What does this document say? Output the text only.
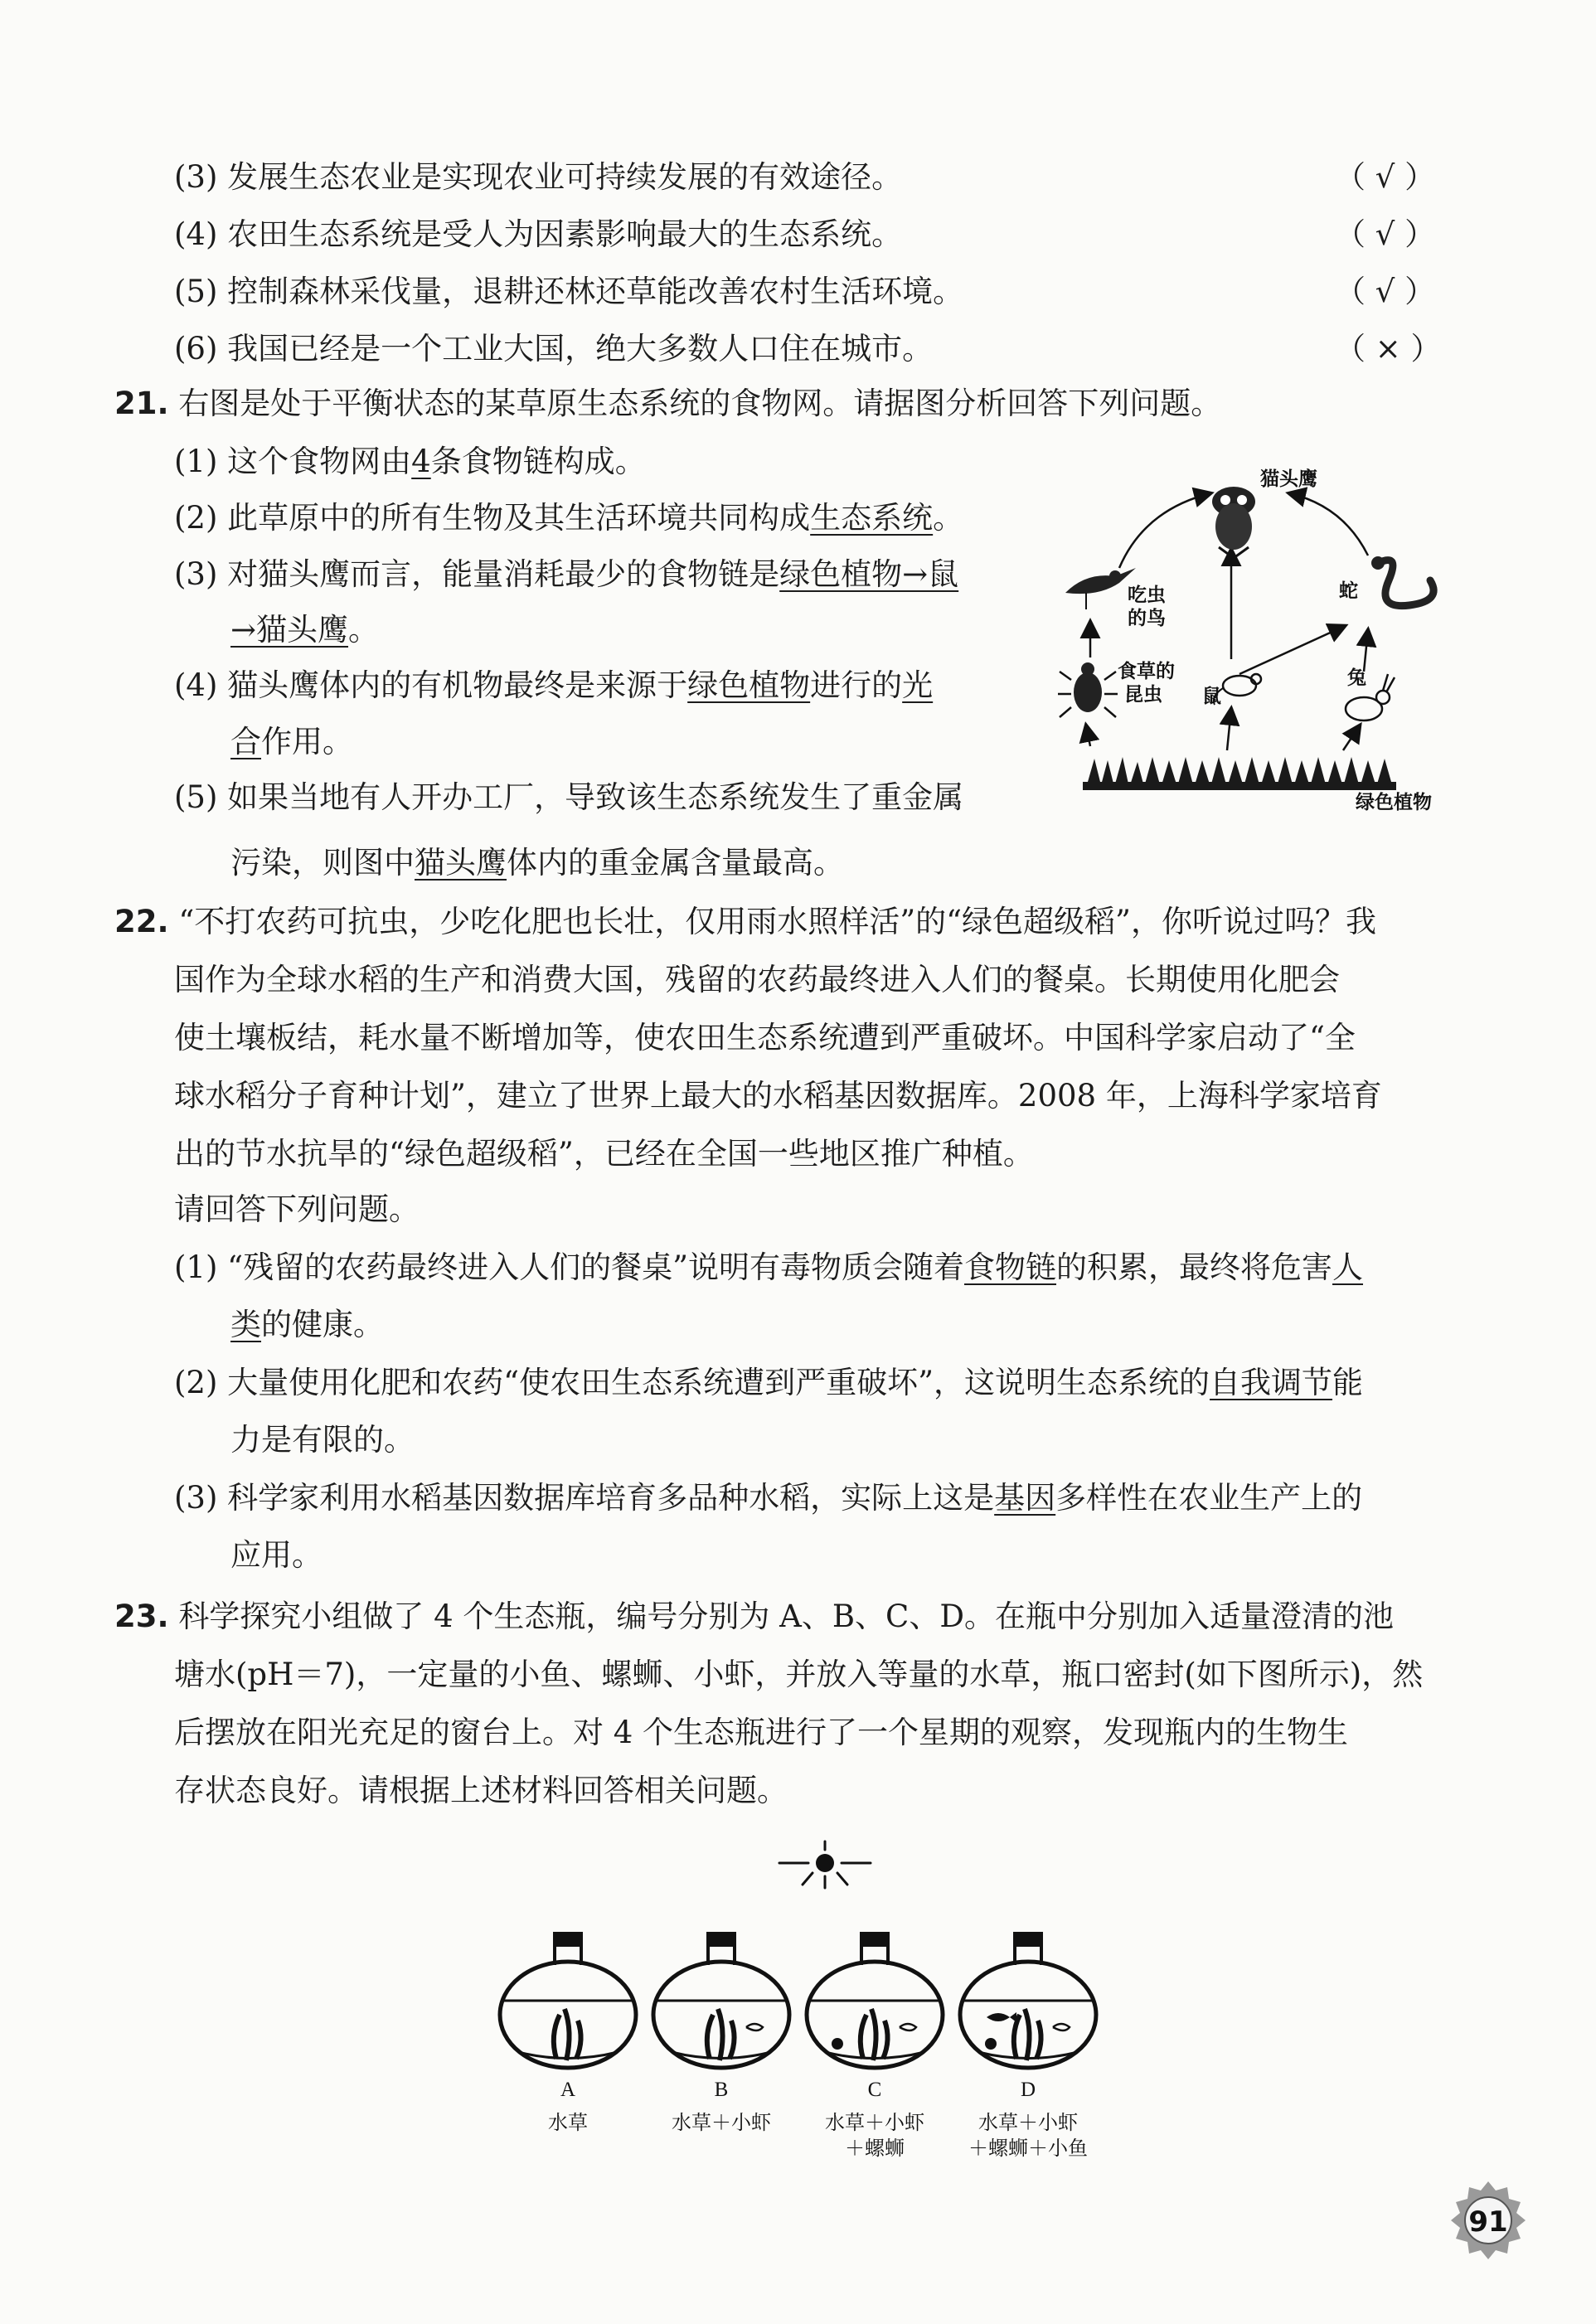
(3) 发展生态农业是实现农业可持续发展的有效途径。	（ √ ）
(4) 农田生态系统是受人为因素影响最大的生态系统。	（ √ ）
(5) 控制森林采伐量，退耕还林还草能改善农村生活环境。	（ √ ）
(6) 我国已经是一个工业大国，绝大多数人口住在城市。	（ × ）
21. 右图是处于平衡状态的某草原生态系统的食物网。请据图分析回答下列问题。
(1) 这个食物网由4条食物链构成。
(2) 此草原中的所有生物及其生活环境共同构成生态系统。
(3) 对猫头鹰而言，能量消耗最少的食物链是绿色植物→鼠
→猫头鹰。
(4) 猫头鹰体内的有机物最终是来源于绿色植物进行的光
合作用。
(5) 如果当地有人开办工厂，导致该生态系统发生了重金属
污染，则图中猫头鹰体内的重金属含量最高。
猫头鹰
吃虫
的鸟
蛇
食草的
昆虫 鼠
兔
绿色植物
22. “不打农药可抗虫，少吃化肥也长壮，仅用雨水照样活”的“绿色超级稻”，你听说过吗？我
国作为全球水稻的生产和消费大国，残留的农药最终进入人们的餐桌。长期使用化肥会
使土壤板结，耗水量不断增加等，使农田生态系统遭到严重破坏。中国科学家启动了“全
球水稻分子育种计划”，建立了世界上最大的水稻基因数据库。2008 年，上海科学家培育
出的节水抗旱的“绿色超级稻”，已经在全国一些地区推广种植。
请回答下列问题。
(1) “残留的农药最终进入人们的餐桌”说明有毒物质会随着食物链的积累，最终将危害人
类的健康。
(2) 大量使用化肥和农药“使农田生态系统遭到严重破坏”，这说明生态系统的自我调节能
力是有限的。
(3) 科学家利用水稻基因数据库培育多品种水稻，实际上这是基因多样性在农业生产上的
应用。
23. 科学探究小组做了 4 个生态瓶，编号分别为 A、B、C、D。在瓶中分别加入适量澄清的池
塘水(pH＝7)，一定量的小鱼、螺蛳、小虾，并放入等量的水草，瓶口密封(如下图所示)，然
后摆放在阳光充足的窗台上。对 4 个生态瓶进行了一个星期的观察，发现瓶内的生物生
存状态良好。请根据上述材料回答相关问题。
A
水草
B
水草＋小虾
C
水草＋小虾
＋螺蛳
D
水草＋小虾
＋螺蛳＋小鱼
91
